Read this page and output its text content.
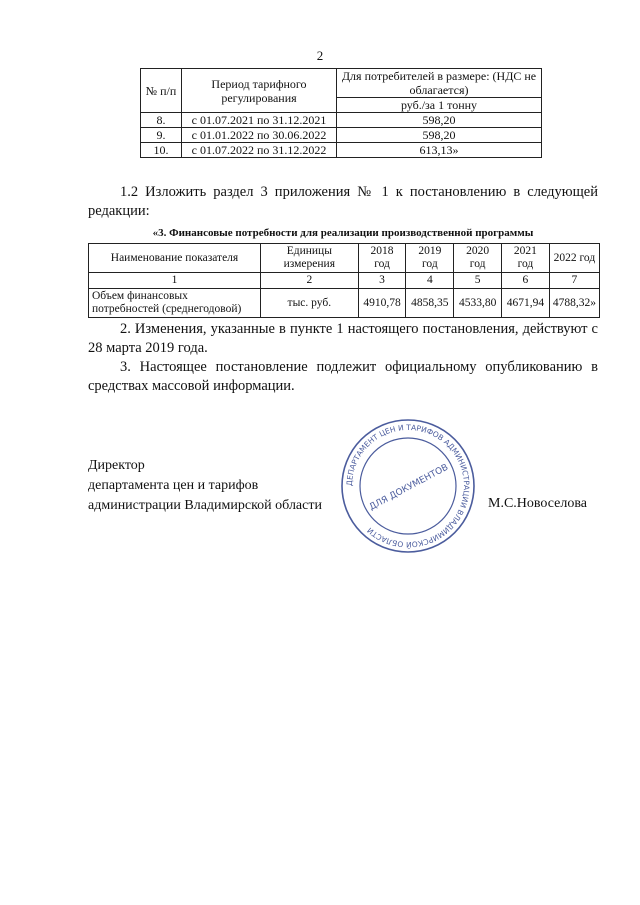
2
№ п/п	Период тарифного регулирования	Для потребителей в размере: (НДС не облагается)
		руб./за 1 тонну
8.	с 01.07.2021 по 31.12.2021	598,20
9.	с 01.01.2022 по 30.06.2022	598,20
10.	с 01.07.2022 по 31.12.2022	613,13»
1.2 Изложить раздел 3 приложения № 1 к постановлению в следующей редакции:
«3. Финансовые потребности для реализации производственной программы
Наименование показателя	Единицы измерения	2018 год	2019 год	2020 год	2021 год	2022 год
1	2	3	4	5	6	7
Объем финансовых потребностей (среднегодовой)	тыс. руб.	4910,78	4858,35	4533,80	4671,94	4788,32»
2. Изменения, указанные в пункте 1 настоящего постановления, действуют с 28 марта 2019 года.
3. Настоящее постановление подлежит официальному опубликованию в средствах массовой информации.
Директор
департамента цен и тарифов
администрации Владимирской области	М.С.Новоселова
ДЕПАРТАМЕНТ ЦЕН И ТАРИФОВ АДМИНИСТРАЦИИ ВЛАДИМИРСКОЙ ОБЛАСТИ
ДЛЯ ДОКУМЕНТОВ
